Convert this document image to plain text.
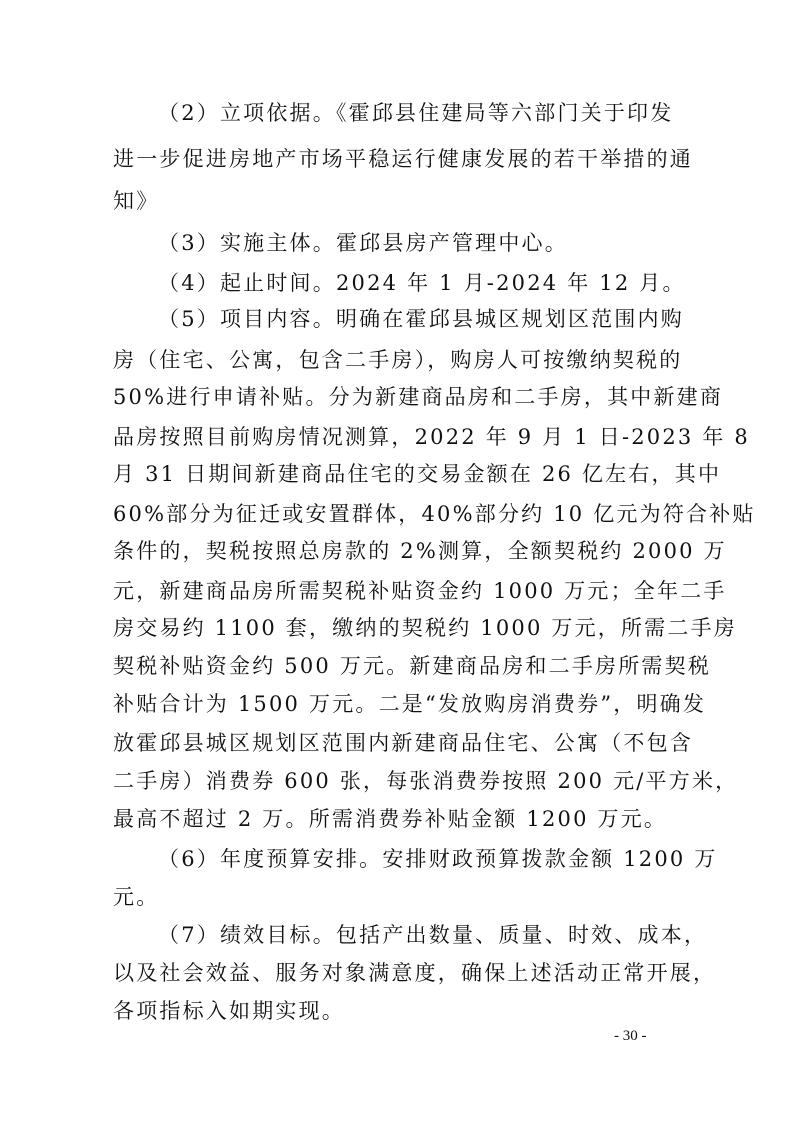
（2）立项依据。《霍邱县住建局等六部门关于印发
进一步促进房地产市场平稳运行健康发展的若干举措的通
知》
（3）实施主体。霍邱县房产管理中心。
（4）起止时间。2024 年 1 月-2024 年 12 月。
（5）项目内容。明确在霍邱县城区规划区范围内购
房（住宅、公寓，包含二手房），购房人可按缴纳契税的
50%进行申请补贴。分为新建商品房和二手房，其中新建商
品房按照目前购房情况测算，2022 年 9 月 1 日-2023 年 8
月 31 日期间新建商品住宅的交易金额在 26 亿左右，其中
60%部分为征迁或安置群体，40%部分约 10 亿元为符合补贴
条件的，契税按照总房款的 2%测算，全额契税约 2000 万
元，新建商品房所需契税补贴资金约 1000 万元；全年二手
房交易约 1100 套，缴纳的契税约 1000 万元，所需二手房
契税补贴资金约 500 万元。新建商品房和二手房所需契税
补贴合计为 1500 万元。二是“发放购房消费券”，明确发
放霍邱县城区规划区范围内新建商品住宅、公寓（不包含
二手房）消费券 600 张，每张消费券按照 200 元/平方米，
最高不超过 2 万。所需消费券补贴金额 1200 万元。
（6）年度预算安排。安排财政预算拨款金额 1200 万
元。
（7）绩效目标。包括产出数量、质量、时效、成本，
以及社会效益、服务对象满意度，确保上述活动正常开展，
各项指标入如期实现。
- 30 -
